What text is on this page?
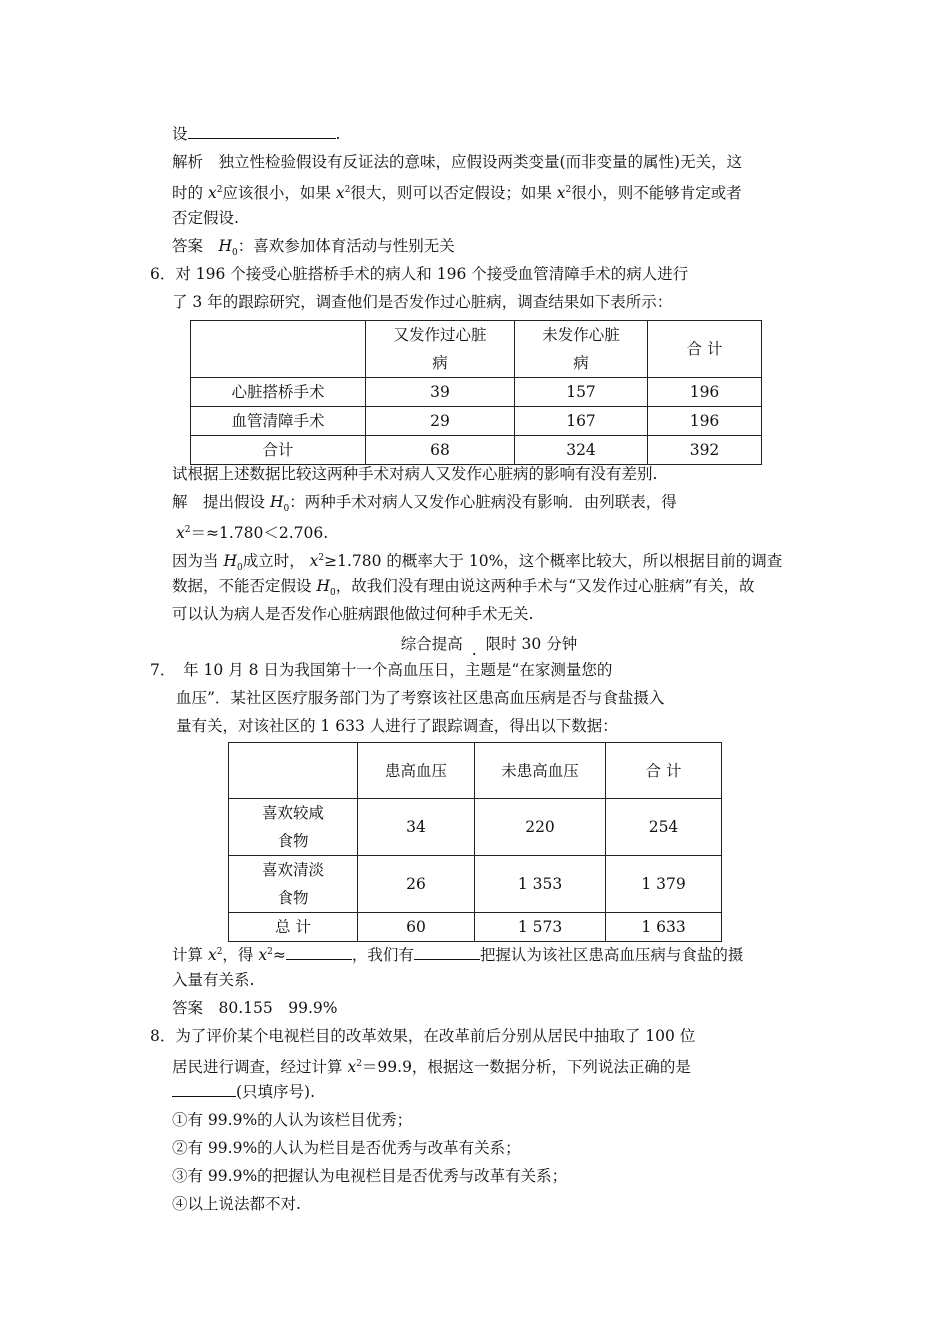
设	.
解析　独立性检验假设有反证法的意味，应假设两类变量(而非变量的属性)无关，这
时的 $x^2$应该很小，如果 $x^2$很大，则可以否定假设；如果 $x^2$很小，则不能够肯定或者
否定假设.
答案　$H_0$：喜欢参加体育活动与性别无关
6．对 196 个接受心脏搭桥手术的病人和 196 个接受血管清障手术的病人进行
了 3 年的跟踪研究，调查他们是否发作过心脏病，调查结果如下表所示：

	又发作过心脏病	未发作心脏病	合 计
心脏搭桥手术	39	157	196
血管清障手术	29	167	196
合计	68	324	392
试根据上述数据比较这两种手术对病人又发作心脏病的影响有没有差别.
解　提出假设 $H_0$：两种手术对病人又发作心脏病没有影响．由列联表，得
$x^2=\approx 1.780<2.706$.
因为当 $H_0$成立时， $x^2\ge 1.780$ 的概率大于 10%，这个概率比较大，所以根据目前的调查
数据，不能否定假设 $H_0$，故我们没有理由说这两种手术与“又发作过心脏病”有关，故
可以认为病人是否发作心脏病跟他做过何种手术无关.
综合提高 . 限时 30 分钟
7．　年 10 月 8 日为我国第十一个高血压日，主题是“在家测量您的
血压”．某社区医疗服务部门为了考察该社区患高血压病是否与食盐摄入
量有关，对该社区的 1 633 人进行了跟踪调查，得出以下数据：
	患高血压	未患高血压	合 计

喜欢较咸食物	34	220	254

喜欢清淡食物	26	1 353	1 379
总 计	60	1 573	1 633
计算 $x^2$，得 $x^2\approx$	，我们有	把握认为该社区患高血压病与食盐的摄
入量有关系.
答案　80.155　99.9%
8．为了评价某个电视栏目的改革效果，在改革前后分别从居民中抽取了 100 位
居民进行调查，经过计算 $x^2=99.9$，根据这一数据分析，下列说法正确的是
(只填序号).
①有 99.9%的人认为该栏目优秀；
②有 99.9%的人认为栏目是否优秀与改革有关系；
③有 99.9%的把握认为电视栏目是否优秀与改革有关系；
④以上说法都不对.
